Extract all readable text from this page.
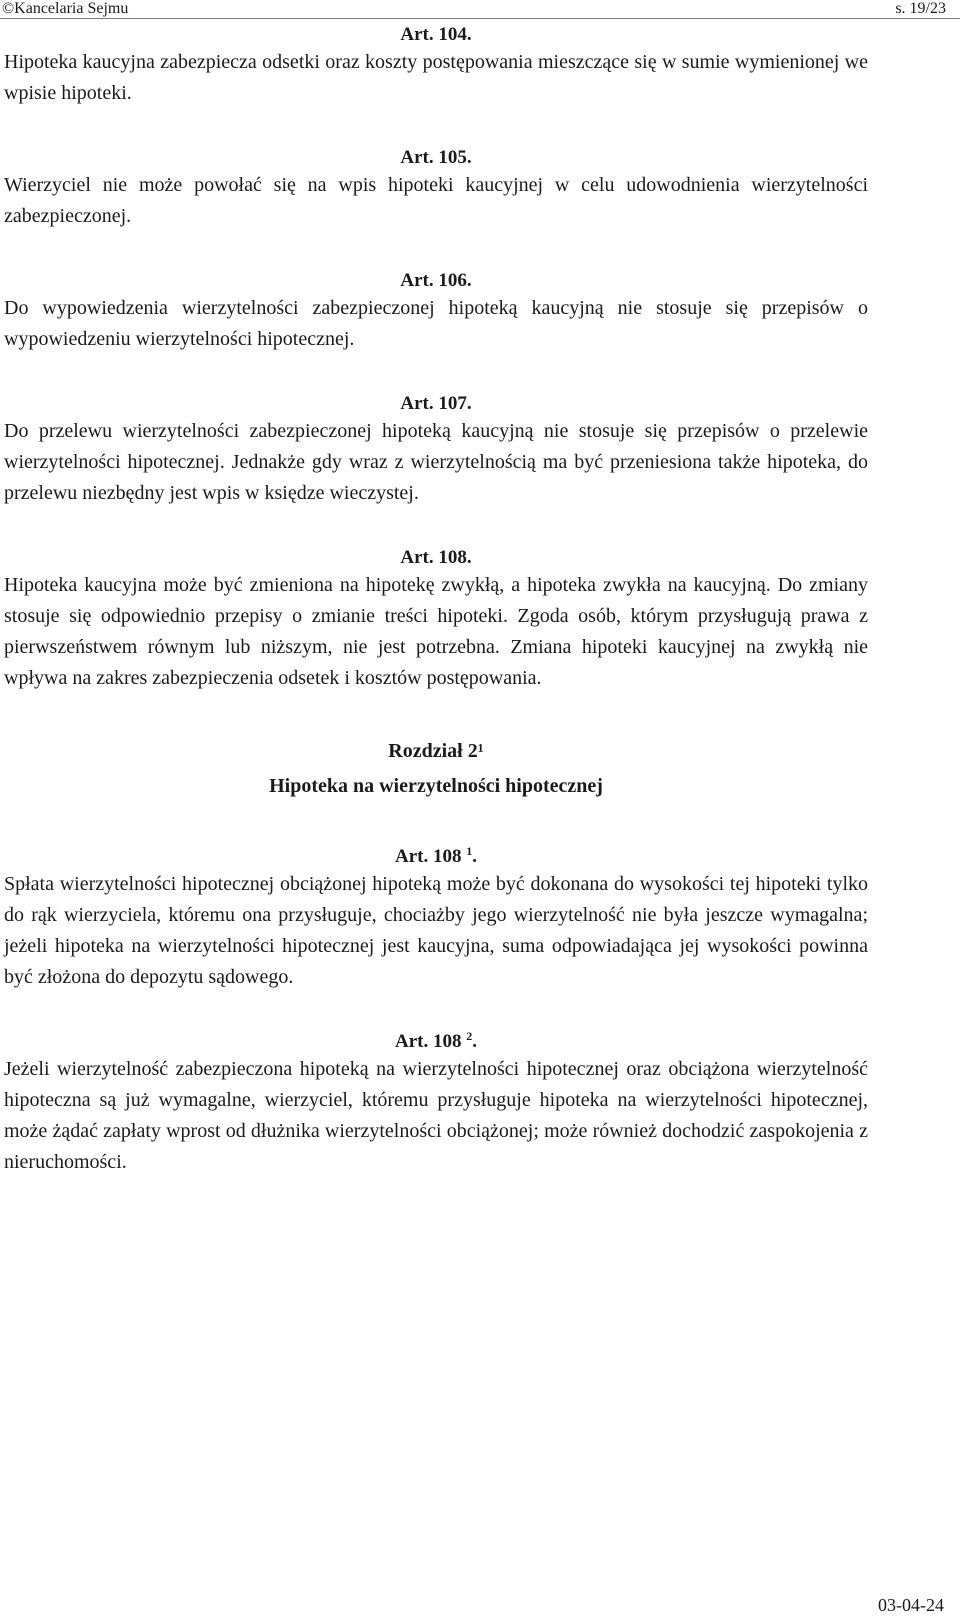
©Kancelaria Sejmu	s. 19/23

Art. 104.

Hipoteka kaucyjna zabezpiecza odsetki oraz koszty postępowania mieszczące się w sumie wymienionej we wpisie hipoteki.

Art. 105.

Wierzyciel nie może powołać się na wpis hipoteki kaucyjnej w celu udowodnienia wierzytelności zabezpieczonej.

Art. 106.

Do wypowiedzenia wierzytelności zabezpieczonej hipoteką kaucyjną nie stosuje się przepisów o wypowiedzeniu wierzytelności hipotecznej.

Art. 107.

Do przelewu wierzytelności zabezpieczonej hipoteką kaucyjną nie stosuje się przepisów o przelewie wierzytelności hipotecznej. Jednakże gdy wraz z wierzytelnością ma być przeniesiona także hipoteka, do przelewu niezbędny jest wpis w księdze wieczystej.

Art. 108.

Hipoteka kaucyjna może być zmieniona na hipotekę zwykłą, a hipoteka zwykła na kaucyjną. Do zmiany stosuje się odpowiednio przepisy o zmianie treści hipoteki. Zgoda osób, którym przysługują prawa z pierwszeństwem równym lub niższym, nie jest potrzebna. Zmiana hipoteki kaucyjnej na zwykłą nie wpływa na zakres zabezpieczenia odsetek i kosztów postępowania.

Rozdział 2¹

Hipoteka na wierzytelności hipotecznej

Art. 108 $^1$.

Spłata wierzytelności hipotecznej obciążonej hipoteką może być dokonana do wysokości tej hipoteki tylko do rąk wierzyciela, któremu ona przysługuje, chociażby jego wierzytelność nie była jeszcze wymagalna; jeżeli hipoteka na wierzytelności hipotecznej jest kaucyjna, suma odpowiadająca jej wysokości powinna być złożona do depozytu sądowego.

Art. 108 $^2$.

Jeżeli wierzytelność zabezpieczona hipoteką na wierzytelności hipotecznej oraz obciążona wierzytelność hipoteczna są już wymagalne, wierzyciel, któremu przysługuje hipoteka na wierzytelności hipotecznej, może żądać zapłaty wprost od dłużnika wierzytelności obciążonej; może również dochodzić zaspokojenia z nieruchomości.

03-04-24
